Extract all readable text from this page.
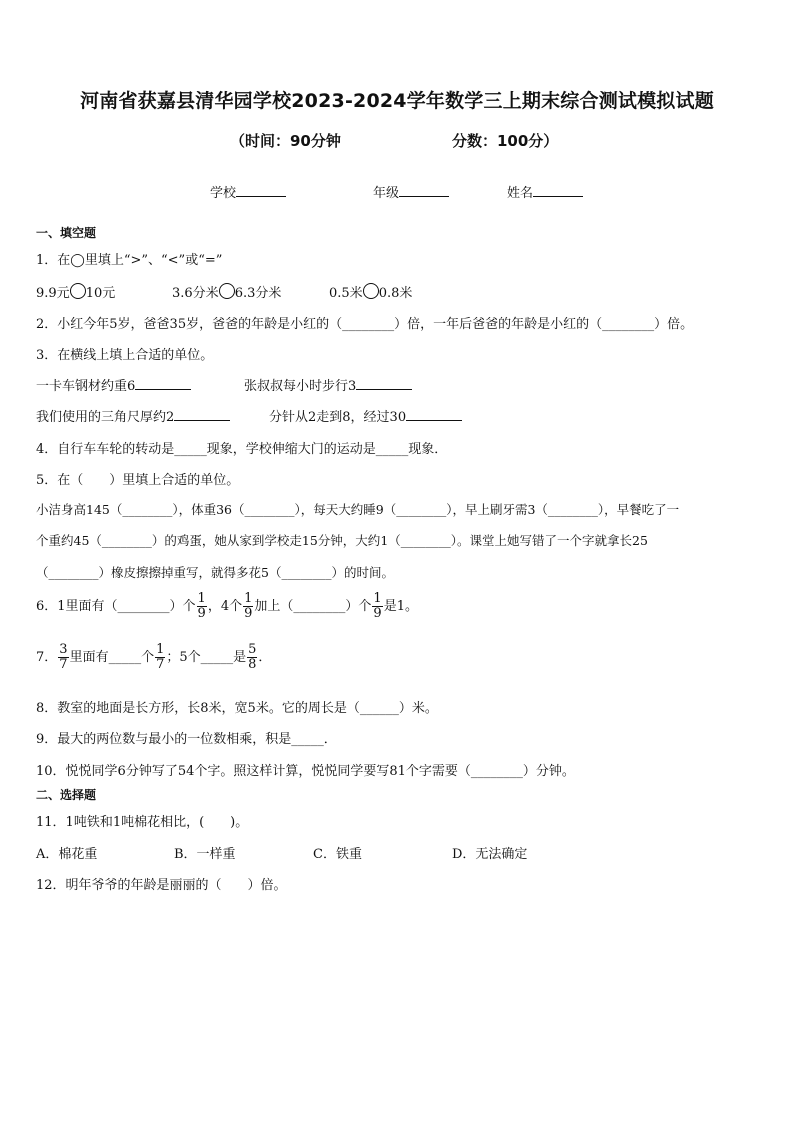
河南省获嘉县清华园学校2023-2024学年数学三上期末综合测试模拟试题
（时间：90分钟	分数：100分）
学校	年级	姓名
一、填空题
1．在◯里填上“>”、“<”或“=”
9.9元 10元	3.6分米 6.3分米	0.5米 0.8米
2．小红今年5岁，爸爸35岁，爸爸的年龄是小红的（________）倍，一年后爸爸的年龄是小红的（________）倍。
3．在横线上填上合适的单位。
一卡车钢材约重6	张叔叔每小时步行3
我们使用的三角尺厚约2	分针从2走到8，经过30
4．自行车车轮的转动是_____现象，学校伸缩大门的运动是_____现象．
5．在（　　）里填上合适的单位。
小洁身高145（________），体重36（________），每天大约睡9（________），早上刷牙需3（________），早餐吃了一
个重约45（________）的鸡蛋，她从家到学校走15分钟，大约1（________）。课堂上她写错了一个字就拿长25
（________）橡皮擦擦掉重写，就得多花5（________）的时间。
6．1里面有（________）个 $\frac{1}{9}$ ，4个 $\frac{1}{9}$ 加上（________）个 $\frac{1}{9}$ 是1。
7． $\frac{3}{7}$ 里面有_____个 $\frac{1}{7}$ ；5个_____是 $\frac{5}{8}$ ．
8．教室的地面是长方形，长8米，宽5米。它的周长是（______）米。
9．最大的两位数与最小的一位数相乘，积是_____．
10．悦悦同学6分钟写了54个字。照这样计算，悦悦同学要写81个字需要（________）分钟。
二、选择题
11．1吨铁和1吨棉花相比，(　　)。
A．棉花重	B．一样重	C．铁重	D．无法确定
12．明年爷爷的年龄是丽丽的（　　）倍。
